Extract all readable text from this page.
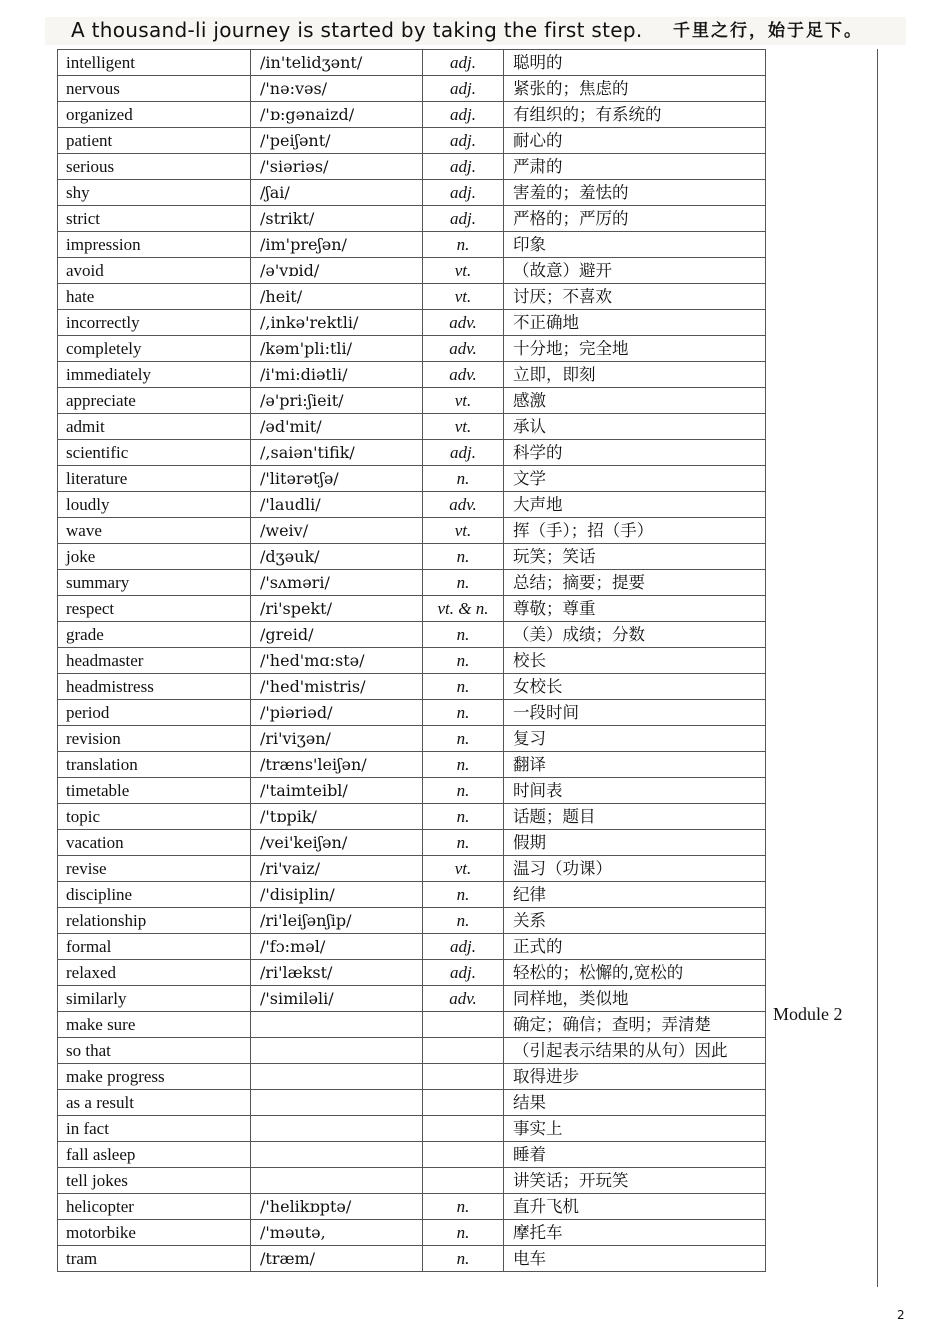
A thousand-li journey is started by taking the first step. 千里之行，始于足下。
intelligent	/in'telidʒənt/	adj.	聪明的
nervous	/'nə:vəs/	adj.	紧张的；焦虑的
organized	/'ɒ:gənaizd/	adj.	有组织的；有系统的
patient	/'peiʃənt/	adj.	耐心的
serious	/'siəriəs/	adj.	严肃的
shy	/ʃai/	adj.	害羞的；羞怯的
strict	/strikt/	adj.	严格的；严厉的
impression	/im'preʃən/	n.	印象
avoid	/ə'vɒid/	vt.	（故意）避开
hate	/heit/	vt.	讨厌；不喜欢
incorrectly	/,inkə'rektli/	adv.	不正确地
completely	/kəm'pli:tli/	adv.	十分地；完全地
immediately	/i'mi:diətli/	adv.	立即，即刻
appreciate	/ə'pri:ʃieit/	vt.	感激
admit	/əd'mit/	vt.	承认
scientific	/,saiən'tifik/	adj.	科学的
literature	/'litərətʃə/	n.	文学
loudly	/'laudli/	adv.	大声地
wave	/weiv/	vt.	挥（手）；招（手）
joke	/dʒəuk/	n.	玩笑；笑话
summary	/'sʌməri/	n.	总结；摘要；提要
respect	/ri'spekt/	vt. & n.	尊敬；尊重
grade	/greid/	n.	（美）成绩；分数
headmaster	/'hed'mɑ:stə/	n.	校长
headmistress	/'hed'mistris/	n.	女校长
period	/'piəriəd/	n.	一段时间
revision	/ri'viʒən/	n.	复习
translation	/træns'leiʃən/	n.	翻译
timetable	/'taimteibl/	n.	时间表
topic	/'tɒpik/	n.	话题；题目
vacation	/vei'keiʃən/	n.	假期
revise	/ri'vaiz/	vt.	温习（功课）
discipline	/'disiplin/	n.	纪律
relationship	/ri'leiʃənʃip/	n.	关系
formal	/'fɔ:məl/	adj.	正式的
relaxed	/ri'lækst/	adj.	轻松的；松懈的,宽松的
similarly	/'similəli/	adv.	同样地，类似地
make sure			确定；确信；查明；弄清楚
so that			（引起表示结果的从句）因此
make progress			取得进步
as a result			结果
in fact			事实上
fall asleep			睡着
tell jokes			讲笑话；开玩笑
helicopter	/'helikɒptə/	n.	直升飞机
motorbike	/'məutə,	n.	摩托车
tram	/træm/	n.	电车
Module 2
2
